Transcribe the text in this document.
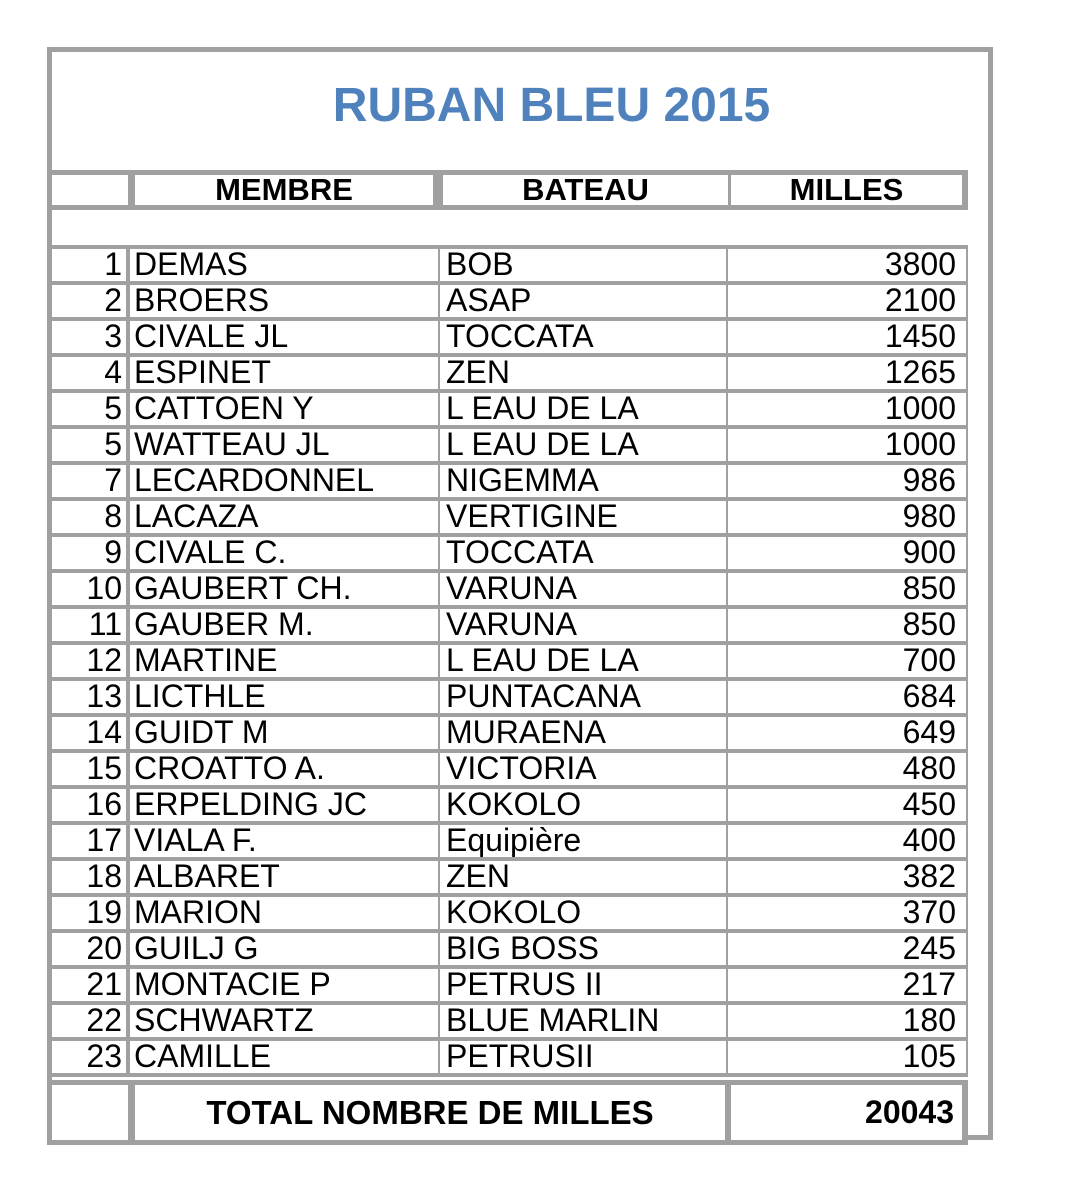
RUBAN BLEU 2015
MEMBRE	BATEAU	MILLES
1 DEMAS	BOB	3800
2 BROERS	ASAP	2100
3 CIVALE JL	TOCCATA	1450
4 ESPINET	ZEN	1265
5 CATTOEN Y	L EAU DE LA	1000
5 WATTEAU JL	L EAU DE LA	1000
7 LECARDONNEL	NIGEMMA	986
8 LACAZA	VERTIGINE	980
9 CIVALE C.	TOCCATA	900
10 GAUBERT CH.	VARUNA	850
11 GAUBER M.	VARUNA	850
12 MARTINE	L EAU DE LA	700
13 LICTHLE	PUNTACANA	684
14 GUIDT M	MURAENA	649
15 CROATTO A.	VICTORIA	480
16 ERPELDING JC	KOKOLO	450
17 VIALA F.	Equipière	400
18 ALBARET	ZEN	382
19 MARION	KOKOLO	370
20 GUILJ G	BIG BOSS	245
21 MONTACIE P	PETRUS II	217
22 SCHWARTZ	BLUE MARLIN	180
23 CAMILLE	PETRUSII	105
TOTAL NOMBRE DE MILLES	20043
